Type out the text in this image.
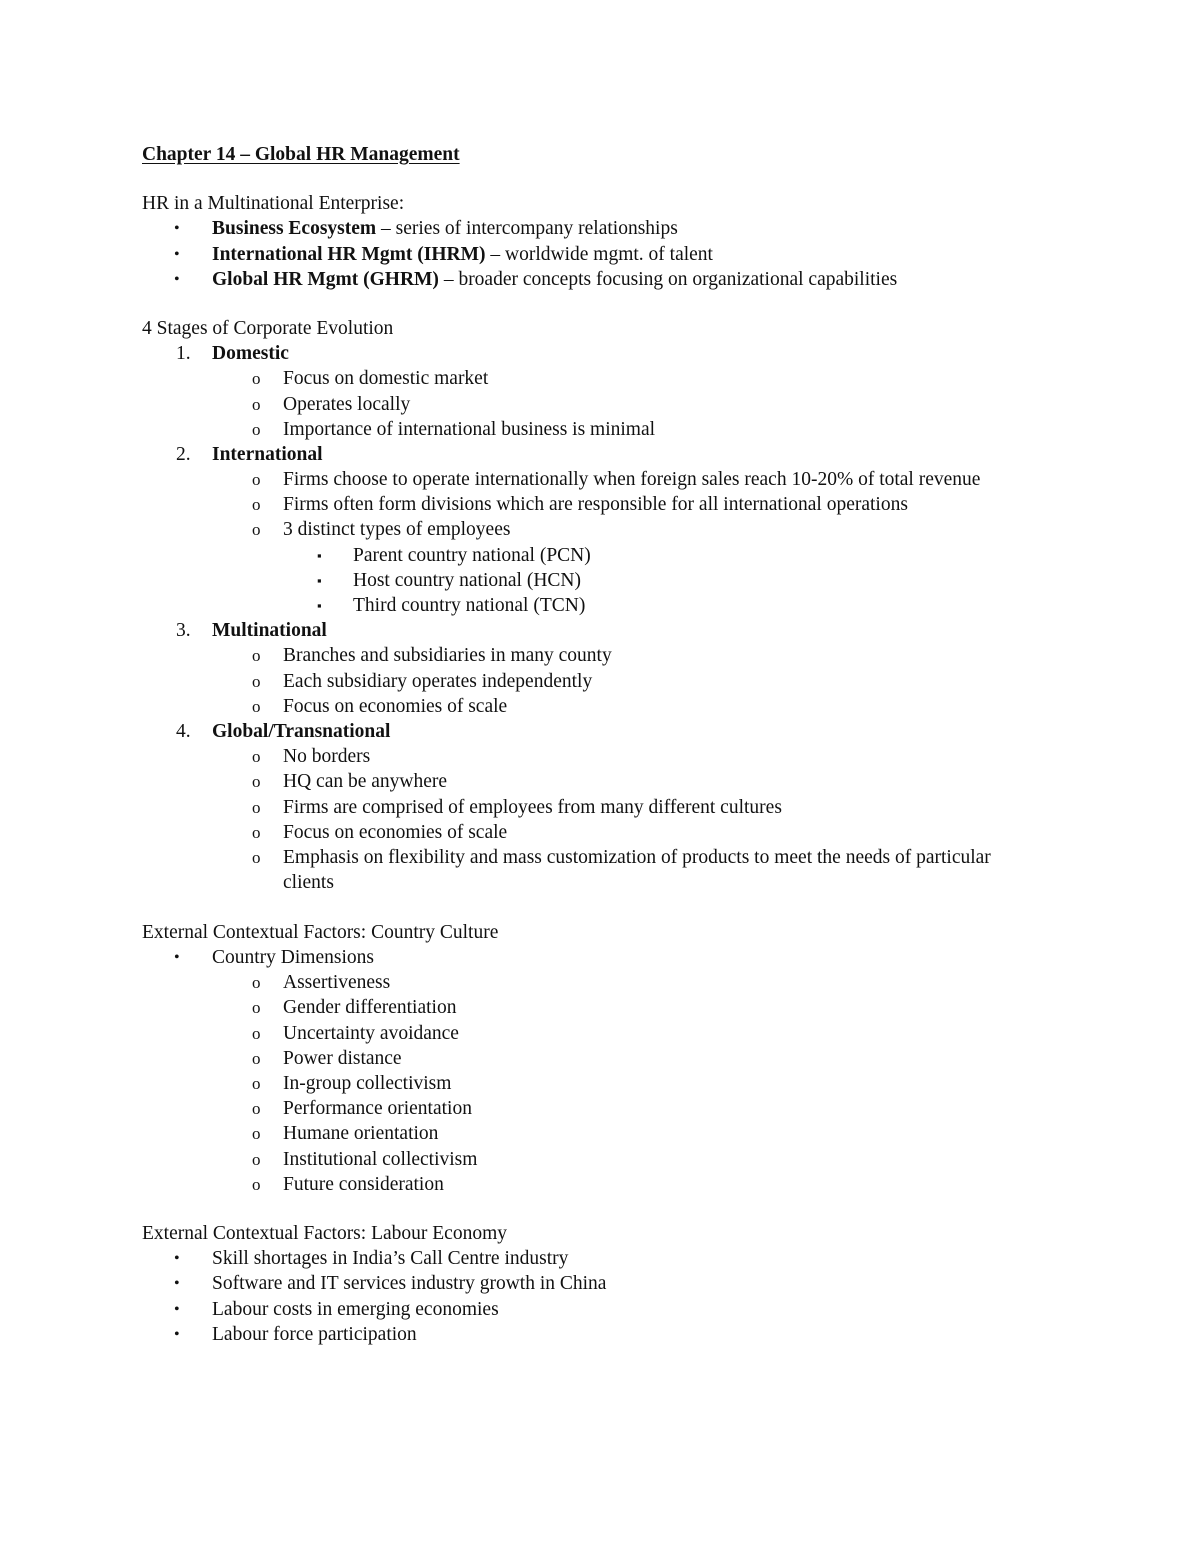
Chapter 14 – Global HR Management
HR in a Multinational Enterprise:
• Business Ecosystem – series of intercompany relationships
• International HR Mgmt (IHRM) – worldwide mgmt. of talent
• Global HR Mgmt (GHRM) – broader concepts focusing on organizational capabilities
4 Stages of Corporate Evolution
1. Domestic
o Focus on domestic market
o Operates locally
o Importance of international business is minimal
2. International
o Firms choose to operate internationally when foreign sales reach 10-20% of total revenue
o Firms often form divisions which are responsible for all international operations
o 3 distinct types of employees
▪ Parent country national (PCN)
▪ Host country national (HCN)
▪ Third country national (TCN)
3. Multinational
o Branches and subsidiaries in many county
o Each subsidiary operates independently
o Focus on economies of scale
4. Global/Transnational
o No borders
o HQ can be anywhere
o Firms are comprised of employees from many different cultures
o Focus on economies of scale
o Emphasis on flexibility and mass customization of products to meet the needs of particular clients
External Contextual Factors: Country Culture
• Country Dimensions
o Assertiveness
o Gender differentiation
o Uncertainty avoidance
o Power distance
o In-group collectivism
o Performance orientation
o Humane orientation
o Institutional collectivism
o Future consideration
External Contextual Factors: Labour Economy
• Skill shortages in India’s Call Centre industry
• Software and IT services industry growth in China
• Labour costs in emerging economies
• Labour force participation
